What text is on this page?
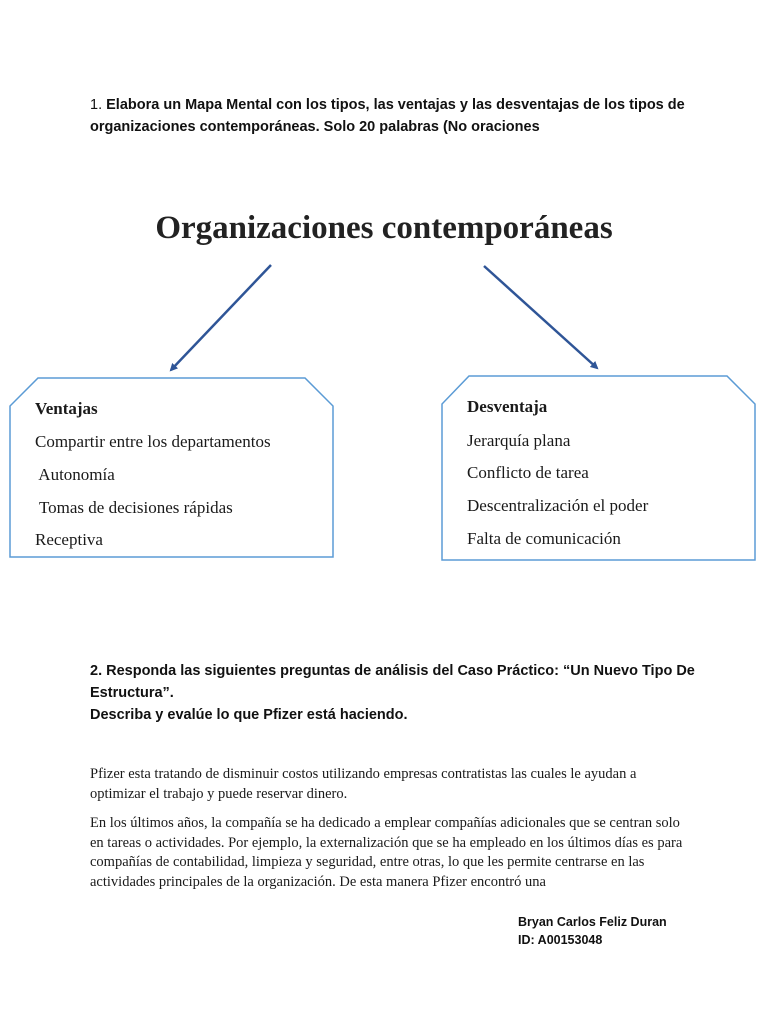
1. Elabora un Mapa Mental con los tipos, las ventajas y las desventajas de los tipos de organizaciones contemporáneas. Solo 20 palabras (No oraciones
Organizaciones contemporáneas
Ventajas
Compartir entre los departamentos
Autonomía
Tomas de decisiones rápidas
Receptiva
Desventaja
Jerarquía plana
Conflicto de tarea
Descentralización el poder
Falta de comunicación
2. Responda las siguientes preguntas de análisis del Caso Práctico: “Un Nuevo Tipo De Estructura”.
Describa y evalúe lo que Pfizer está haciendo.
Pfizer esta tratando de disminuir costos utilizando empresas contratistas las cuales le ayudan a optimizar el trabajo y puede reservar dinero.
En los últimos años, la compañía se ha dedicado a emplear compañías adicionales que se centran solo en tareas o actividades. Por ejemplo, la externalización que se ha empleado en los últimos días es para compañías de contabilidad, limpieza y seguridad, entre otras, lo que les permite centrarse en las actividades principales de la organización. De esta manera Pfizer encontró una
Bryan Carlos Feliz Duran
ID: A00153048
